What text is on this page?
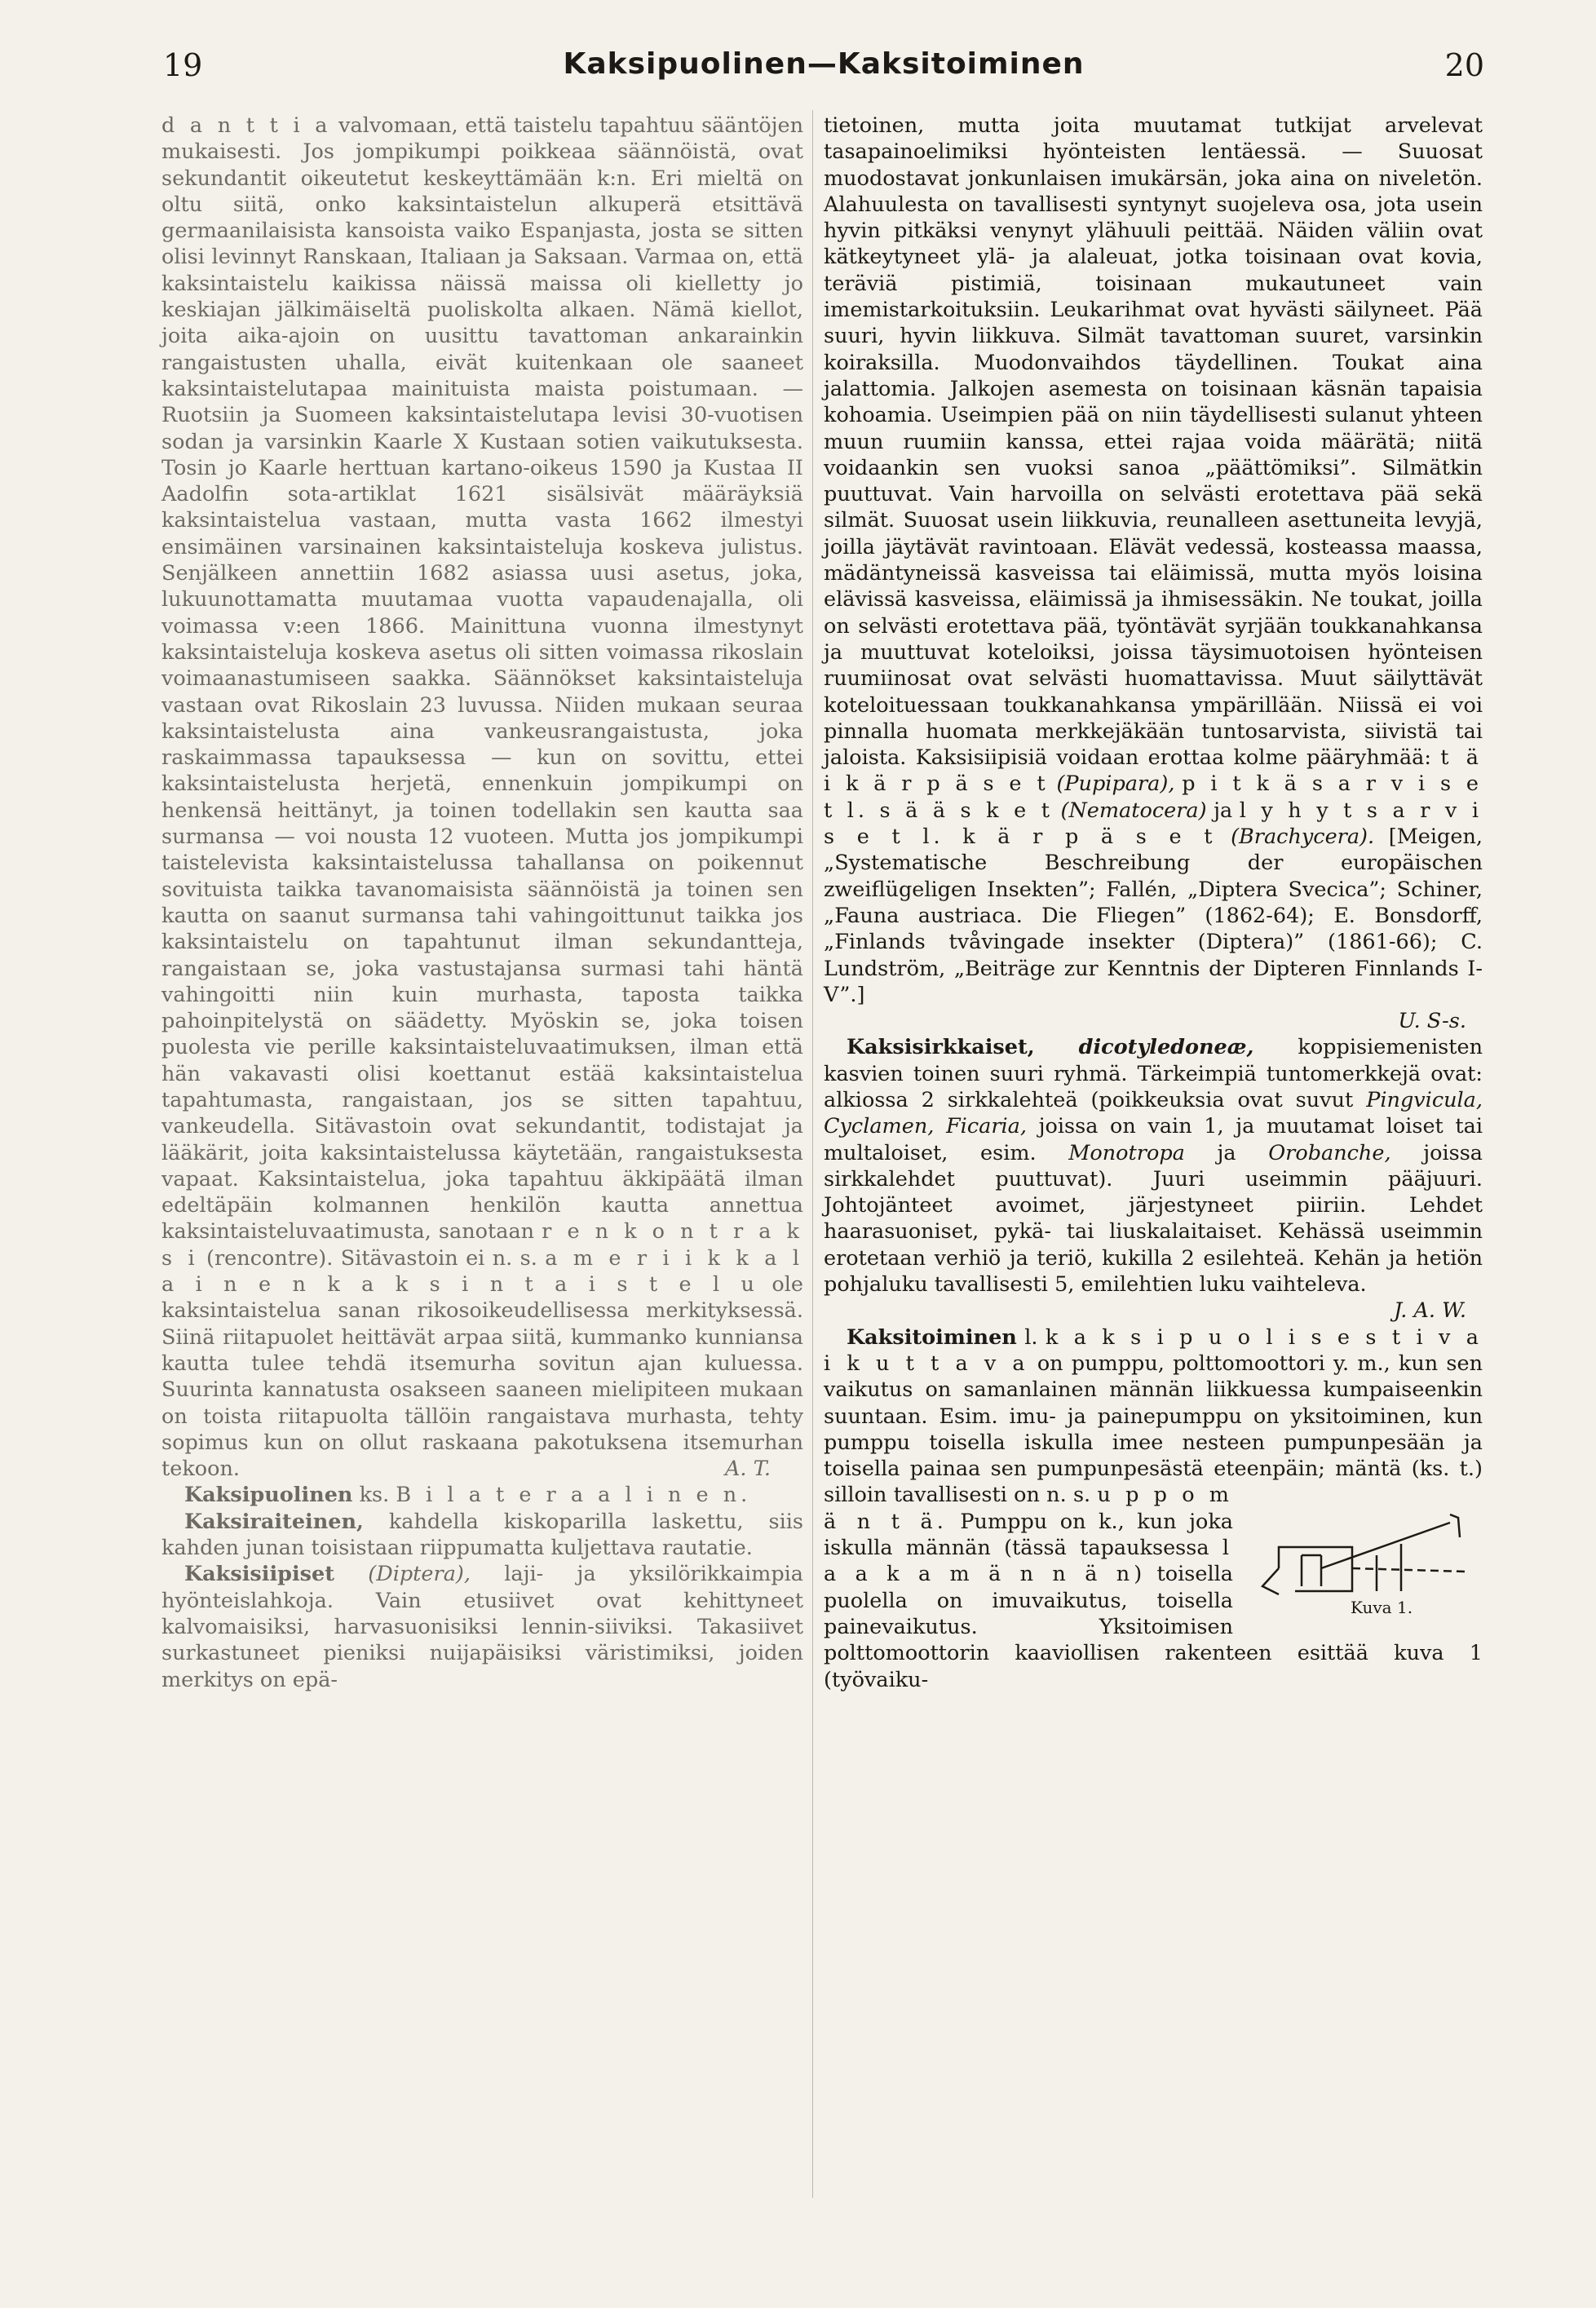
19	Kaksipuolinen—Kaksitoiminen	20

d a n t t i a valvomaan, että taistelu tapahtuu sääntöjen mukaisesti. Jos jompikumpi poikkeaa säännöistä, ovat sekundantit oikeutetut keskeyttämään k:n. Eri mieltä on oltu siitä, onko kaksintaistelun alkuperä etsittävä germaanilaisista kansoista vaiko Espanjasta, josta se sitten olisi levinnyt Ranskaan, Italiaan ja Saksaan. Varmaa on, että kaksintaistelu kaikissa näissä maissa oli kielletty jo keskiajan jälkimäiseltä puoliskolta alkaen. Nämä kiellot, joita aika-ajoin on uusittu tavattoman ankarainkin rangaistusten uhalla, eivät kuitenkaan ole saaneet kaksintaistelutapaa mainituista maista poistumaan. — Ruotsiin ja Suomeen kaksintaistelutapa levisi 30-vuotisen sodan ja varsinkin Kaarle X Kustaan sotien vaikutuksesta. Tosin jo Kaarle herttuan kartano-oikeus 1590 ja Kustaa II Aadolfin sota-artiklat 1621 sisälsivät määräyksiä kaksintaistelua vastaan, mutta vasta 1662 ilmestyi ensimäinen varsinainen kaksintaisteluja koskeva julistus. Senjälkeen annettiin 1682 asiassa uusi asetus, joka, lukuunottamatta muutamaa vuotta vapaudenajalla, oli voimassa v:een 1866. Mainittuna vuonna ilmestynyt kaksintaisteluja koskeva asetus oli sitten voimassa rikoslain voimaanastumiseen saakka. Säännökset kaksintaisteluja vastaan ovat Rikoslain 23 luvussa. Niiden mukaan seuraa kaksintaistelusta aina vankeusrangaistusta, joka raskaimmassa tapauksessa — kun on sovittu, ettei kaksintaistelusta herjetä, ennenkuin jompikumpi on henkensä heittänyt, ja toinen todellakin sen kautta saa surmansa — voi nousta 12 vuoteen. Mutta jos jompikumpi taistelevista kaksintaistelussa tahallansa on poikennut sovituista taikka tavanomaisista säännöistä ja toinen sen kautta on saanut surmansa tahi vahingoittunut taikka jos kaksintaistelu on tapahtunut ilman sekundantteja, rangaistaan se, joka vastustajansa surmasi tahi häntä vahingoitti niin kuin murhasta, taposta taikka pahoinpitelystä on säädetty. Myöskin se, joka toisen puolesta vie perille kaksintaisteluvaatimuksen, ilman että hän vakavasti olisi koettanut estää kaksintaistelua tapahtumasta, rangaistaan, jos se sitten tapahtuu, vankeudella. Sitävastoin ovat sekundantit, todistajat ja lääkärit, joita kaksintaistelussa käytetään, rangaistuksesta vapaat. Kaksintaistelua, joka tapahtuu äkkipäätä ilman edeltäpäin kolmannen henkilön kautta annettua kaksintaisteluvaatimusta, sanotaan r e n k o n t r a k s i (rencontre). Sitävastoin ei n. s. a m e r i i k k a l a i n e n k a k s i n t a i s t e l u ole kaksintaistelua sanan rikosoikeudellisessa merkityksessä. Siinä riitapuolet heittävät arpaa siitä, kummanko kunniansa kautta tulee tehdä itsemurha sovitun ajan kuluessa. Suurinta kannatusta osakseen saaneen mielipiteen mukaan on toista riitapuolta tällöin rangaistava murhasta, tehty sopimus kun on ollut raskaana pakotuksena itsemurhan tekoon.	A. T.

Kaksipuolinen ks. B i l a t e r a a l i n e n.

Kaksiraiteinen, kahdella kiskoparilla laskettu, siis kahden junan toisistaan riippumatta kuljettava rautatie.

Kaksisiipiset (Diptera), laji- ja yksilörikkaimpia hyönteislahkoja. Vain etusiivet ovat kehittyneet kalvomaisiksi, harvasuonisiksi lennin-siiviksi. Takasiivet surkastuneet pieniksi nuijapäisiksi väristimiksi, joiden merkitys on epä-

tietoinen, mutta joita muutamat tutkijat arvelevat tasapainoelimiksi hyönteisten lentäessä. — Suuosat muodostavat jonkunlaisen imukärsän, joka aina on niveletön. Alahuulesta on tavallisesti syntynyt suojeleva osa, jota usein hyvin pitkäksi venynyt ylähuuli peittää. Näiden väliin ovat kätkeytyneet ylä- ja alaleuat, jotka toisinaan ovat kovia, teräviä pistimiä, toisinaan mukautuneet vain imemistarkoituksiin. Leukarihmat ovat hyvästi säilyneet. Pää suuri, hyvin liikkuva. Silmät tavattoman suuret, varsinkin koiraksilla. Muodonvaihdos täydellinen. Toukat aina jalattomia. Jalkojen asemesta on toisinaan käsnän tapaisia kohoamia. Useimpien pää on niin täydellisesti sulanut yhteen muun ruumiin kanssa, ettei rajaa voida määrätä; niitä voidaankin sen vuoksi sanoa „päättömiksi”. Silmätkin puuttuvat. Vain harvoilla on selvästi erotettava pää sekä silmät. Suuosat usein liikkuvia, reunalleen asettuneita levyjä, joilla jäytävät ravintoaan. Elävät vedessä, kosteassa maassa, mädäntyneissä kasveissa tai eläimissä, mutta myös loisina elävissä kasveissa, eläimissä ja ihmisessäkin. Ne toukat, joilla on selvästi erotettava pää, työntävät syrjään toukkanahkansa ja muuttuvat koteloiksi, joissa täysimuotoisen hyönteisen ruumiinosat ovat selvästi huomattavissa. Muut säilyttävät koteloituessaan toukkanahkansa ympärillään. Niissä ei voi pinnalla huomata merkkejäkään tuntosarvista, siivistä tai jaloista. Kaksisiipisiä voidaan erottaa kolme pääryhmää: t ä i k ä r p ä s e t (Pupipara), p i t k ä s a r v i s e t l. s ä ä s k e t (Nematocera) ja l y h y t s a r v i s e t l. k ä r p ä s e t (Brachycera). [Meigen, „Systematische Beschreibung der europäischen zweiflügeligen Insekten”; Fallén, „Diptera Svecica”; Schiner, „Fauna austriaca. Die Fliegen” (1862-64); E. Bonsdorff, „Finlands tvåvingade insekter (Diptera)” (1861-66); C. Lundström, „Beiträge zur Kenntnis der Dipteren Finnlands I-V”.]

U. S-s.

Kaksisirkkaiset, dicotyledoneæ, koppisiemenisten kasvien toinen suuri ryhmä. Tärkeimpiä tuntomerkkejä ovat: alkiossa 2 sirkkalehteä (poikkeuksia ovat suvut Pingvicula, Cyclamen, Ficaria, joissa on vain 1, ja muutamat loiset tai multaloiset, esim. Monotropa ja Orobanche, joissa sirkkalehdet puuttuvat). Juuri useimmin pääjuuri. Johtojänteet avoimet, järjestyneet piiriin. Lehdet haarasuoniset, pykä- tai liuskalaitaiset. Kehässä useimmin erotetaan verhiö ja teriö, kukilla 2 esilehteä. Kehän ja hetiön pohjaluku tavallisesti 5, emilehtien luku vaihteleva.

J. A. W.

Kaksitoiminen l. k a k s i p u o l i s e s t i v a i k u t t a v a on pumppu, polttomoottori y. m., kun sen vaikutus on samanlainen männän liikkuessa kumpaiseenkin suuntaan. Esim. imu- ja painepumppu on yksitoiminen, kun pumppu toisella iskulla imee nesteen pumpunpesään ja toisella painaa sen pumpunpesästä eteenpäin; mäntä (ks. t.) silloin tavallisesti on n. s.
Kuva 1.
u p p o m ä n t ä. Pumppu on k., kun joka iskulla männän (tässä tapauksessa l a a k a m ä n n ä n) toisella puolella on imuvaikutus, toisella painevaikutus. Yksitoimisen polttomoottorin kaaviollisen rakenteen esittää kuva 1 (työvaiku-
